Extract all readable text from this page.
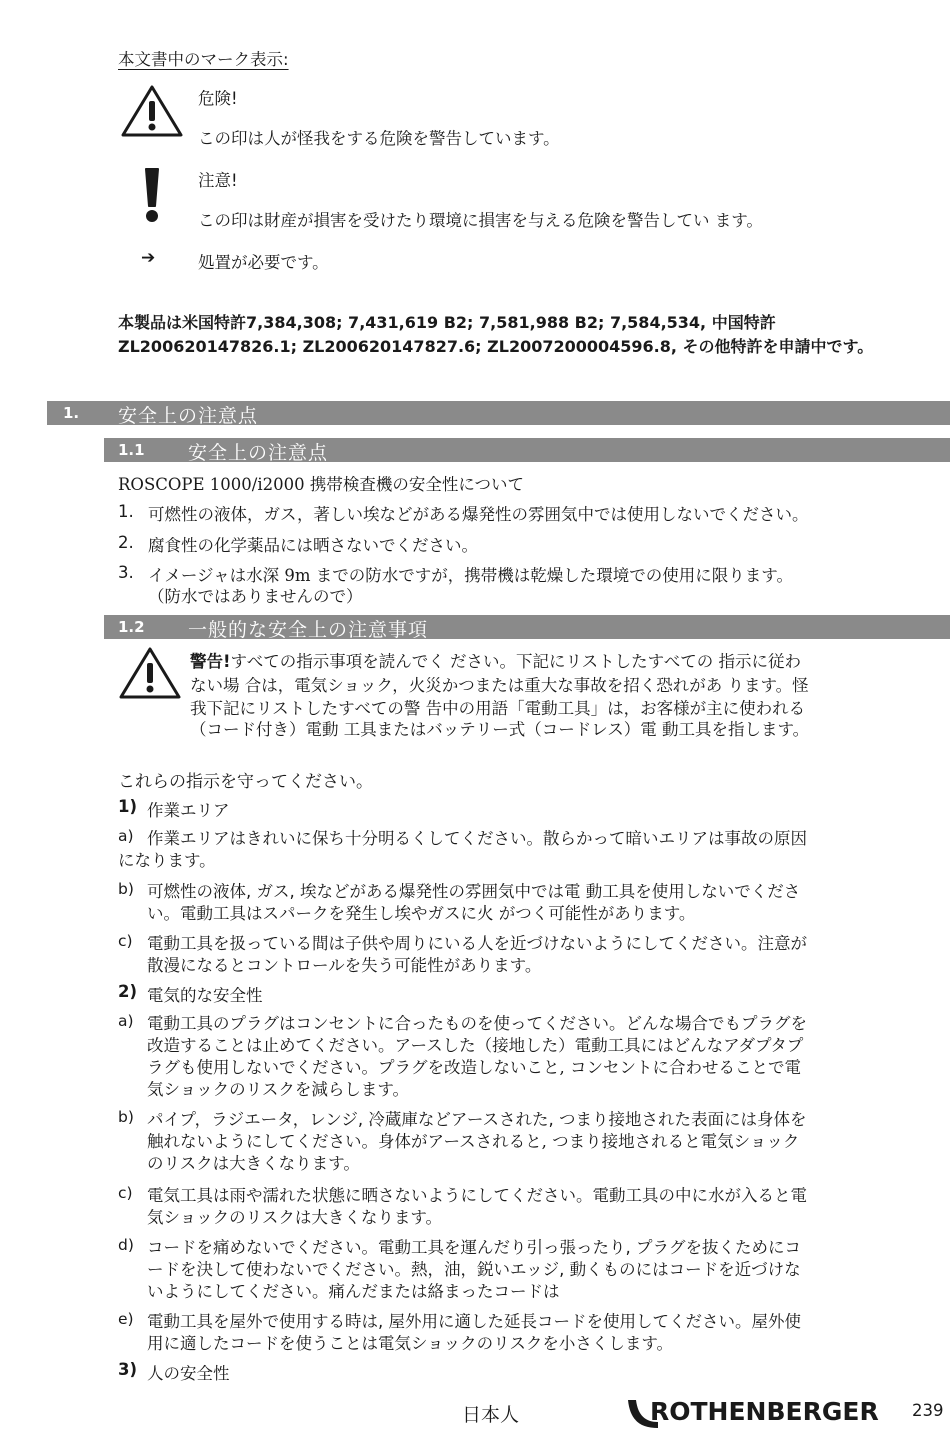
本文書中のマーク表示:
危険!
この印は人が怪我をする危険を警告しています。
注意!
この印は財産が損害を受けたり環境に損害を与える危険を警告してい ます。
➔	処置が必要です。
本製品は米国特許7,384,308; 7,431,619 B2; 7,581,988 B2; 7,584,534, 中国特許
ZL200620147826.1; ZL200620147827.6; ZL2007200004596.8, その他特許を申請中です。
1. 安全上の注意点
1.1 安全上の注意点
ROSCOPE 1000/i2000 携帯検査機の安全性について
1. 可燃性の液体，ガス，著しい埃などがある爆発性の雰囲気中では使用しないでください。
2. 腐食性の化学薬品には晒さないでください。
3. イメージャは水深 9m までの防水ですが，携帯機は乾燥した環境での使用に限ります。
（防水ではありませんので）
1.2 一般的な安全上の注意事項
警告!すべての指示事項を読んでく ださい。下記にリストしたすべての 指示に従わ
ない場 合は，電気ショック，火災かつまたは重大な事故を招く恐れがあ ります。怪
我下記にリストしたすべての警 告中の用語「電動工具」は，お客様が主に使われる
（コード付き）電動 工具またはバッテリー式（コードレス）電 動工具を指します。
これらの指示を守ってください。
1) 作業エリア
a) 作業エリアはきれいに保ち十分明るくしてください。散らかって暗いエリアは事故の原因
になります。
b) 可燃性の液体, ガス, 埃などがある爆発性の雰囲気中では電 動工具を使用しないでくださ
い。電動工具はスパークを発生し埃やガスに火 がつく可能性があります。
c) 電動工具を扱っている間は子供や周りにいる人を近づけないようにしてください。注意が
散漫になるとコントロールを失う可能性があります。
2) 電気的な安全性
a) 電動工具のプラグはコンセントに合ったものを使ってください。どんな場合でもプラグを
改造することは止めてください。アースした（接地した）電動工具にはどんなアダプタプ
ラグも使用しないでください。プラグを改造しないこと, コンセントに合わせることで電
気ショックのリスクを減らします。
b) パイプ，ラジエータ，レンジ, 冷蔵庫などアースされた, つまり接地された表面には身体を
触れないようにしてください。身体がアースされると, つまり接地されると電気ショック
のリスクは大きくなります。
c) 電気工具は雨や濡れた状態に晒さないようにしてください。電動工具の中に水が入ると電
気ショックのリスクは大きくなります。
d) コードを痛めないでください。電動工具を運んだり引っ張ったり, プラグを抜くためにコ
ードを決して使わないでください。熱，油，鋭いエッジ, 動くものにはコードを近づけな
いようにしてください。痛んだまたは絡まったコードは
e) 電動工具を屋外で使用する時は, 屋外用に適した延長コードを使用してください。屋外使
用に適したコードを使うことは電気ショックのリスクを小さくします。
3) 人の安全性
日本人	ROTHENBERGER 239
